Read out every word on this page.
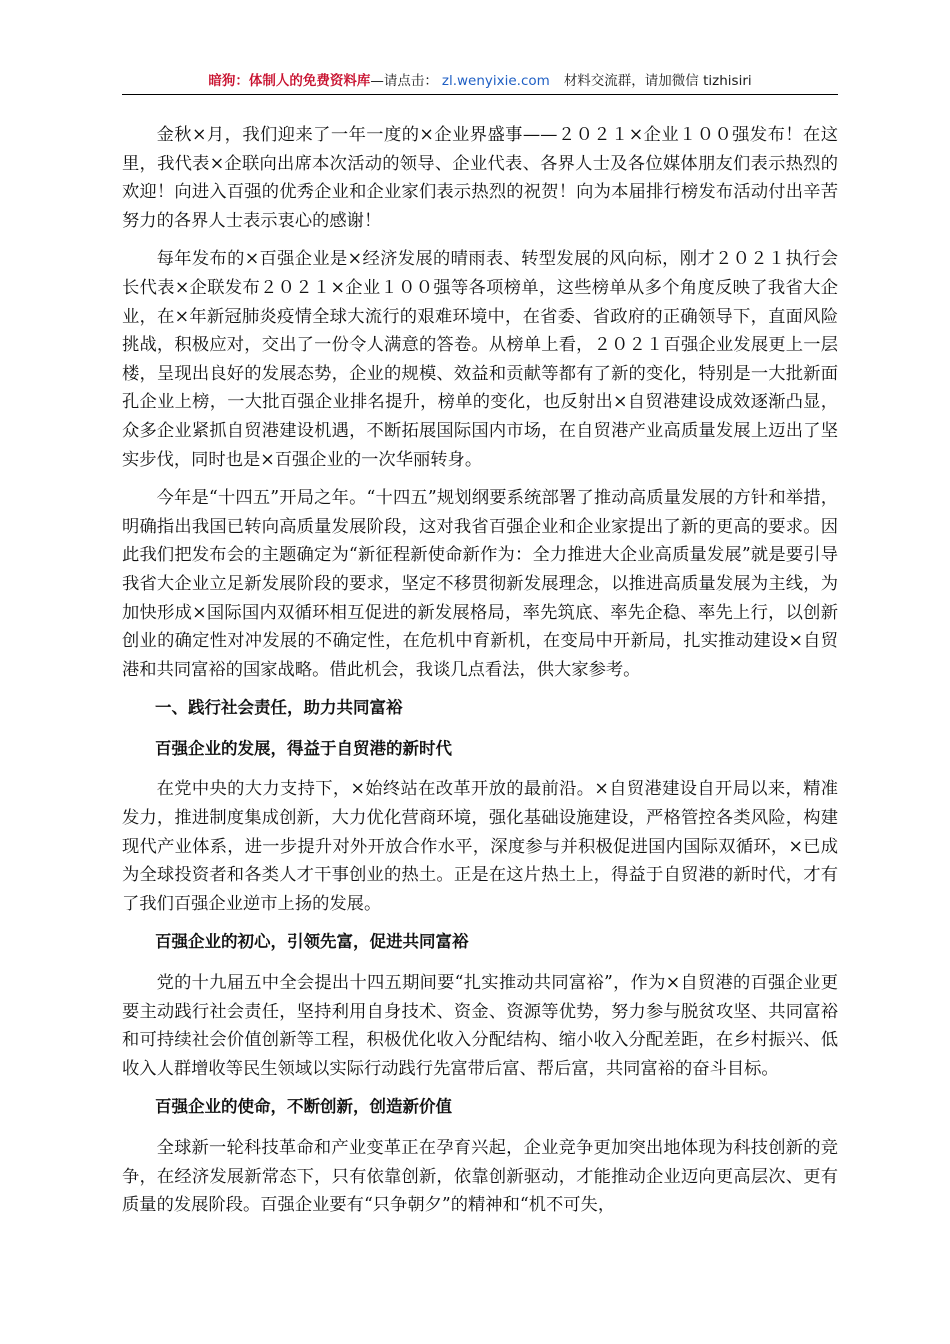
暗狗：体制人的免费资料库—请点击： zl.wenyixie.com 材料交流群，请加微信 tizhisiri

金秋×月，我们迎来了一年一度的×企业界盛事——２０２１×企业１００强发布！在这里，我代表×企联向出席本次活动的领导、企业代表、各界人士及各位媒体朋友们表示热烈的欢迎！向进入百强的优秀企业和企业家们表示热烈的祝贺！向为本届排行榜发布活动付出辛苦努力的各界人士表示衷心的感谢！

每年发布的×百强企业是×经济发展的晴雨表、转型发展的风向标，刚才２０２１执行会长代表×企联发布２０２１×企业１００强等各项榜单，这些榜单从多个角度反映了我省大企业，在×年新冠肺炎疫情全球大流行的艰难环境中，在省委、省政府的正确领导下，直面风险挑战，积极应对，交出了一份令人满意的答卷。从榜单上看，２０２１百强企业发展更上一层楼，呈现出良好的发展态势，企业的规模、效益和贡献等都有了新的变化，特别是一大批新面孔企业上榜，一大批百强企业排名提升，榜单的变化，也反射出×自贸港建设成效逐渐凸显，众多企业紧抓自贸港建设机遇，不断拓展国际国内市场，在自贸港产业高质量发展上迈出了坚实步伐，同时也是×百强企业的一次华丽转身。

今年是“十四五”开局之年。“十四五”规划纲要系统部署了推动高质量发展的方针和举措，明确指出我国已转向高质量发展阶段，这对我省百强企业和企业家提出了新的更高的要求。因此我们把发布会的主题确定为“新征程新使命新作为：全力推进大企业高质量发展”就是要引导我省大企业立足新发展阶段的要求，坚定不移贯彻新发展理念，以推进高质量发展为主线，为加快形成×国际国内双循环相互促进的新发展格局，率先筑底、率先企稳、率先上行，以创新创业的确定性对冲发展的不确定性，在危机中育新机，在变局中开新局，扎实推动建设×自贸港和共同富裕的国家战略。借此机会，我谈几点看法，供大家参考。

一、践行社会责任，助力共同富裕

百强企业的发展，得益于自贸港的新时代

在党中央的大力支持下，×始终站在改革开放的最前沿。×自贸港建设自开局以来，精准发力，推进制度集成创新，大力优化营商环境，强化基础设施建设，严格管控各类风险，构建现代产业体系，进一步提升对外开放合作水平，深度参与并积极促进国内国际双循环，×已成为全球投资者和各类人才干事创业的热土。正是在这片热土上，得益于自贸港的新时代，才有了我们百强企业逆市上扬的发展。

百强企业的初心，引领先富，促进共同富裕

党的十九届五中全会提出十四五期间要“扎实推动共同富裕”，作为×自贸港的百强企业更要主动践行社会责任，坚持利用自身技术、资金、资源等优势，努力参与脱贫攻坚、共同富裕和可持续社会价值创新等工程，积极优化收入分配结构、缩小收入分配差距，在乡村振兴、低收入人群增收等民生领域以实际行动践行先富带后富、帮后富，共同富裕的奋斗目标。

百强企业的使命，不断创新，创造新价值

全球新一轮科技革命和产业变革正在孕育兴起，企业竞争更加突出地体现为科技创新的竞争，在经济发展新常态下，只有依靠创新，依靠创新驱动，才能推动企业迈向更高层次、更有质量的发展阶段。百强企业要有“只争朝夕”的精神和“机不可失，
